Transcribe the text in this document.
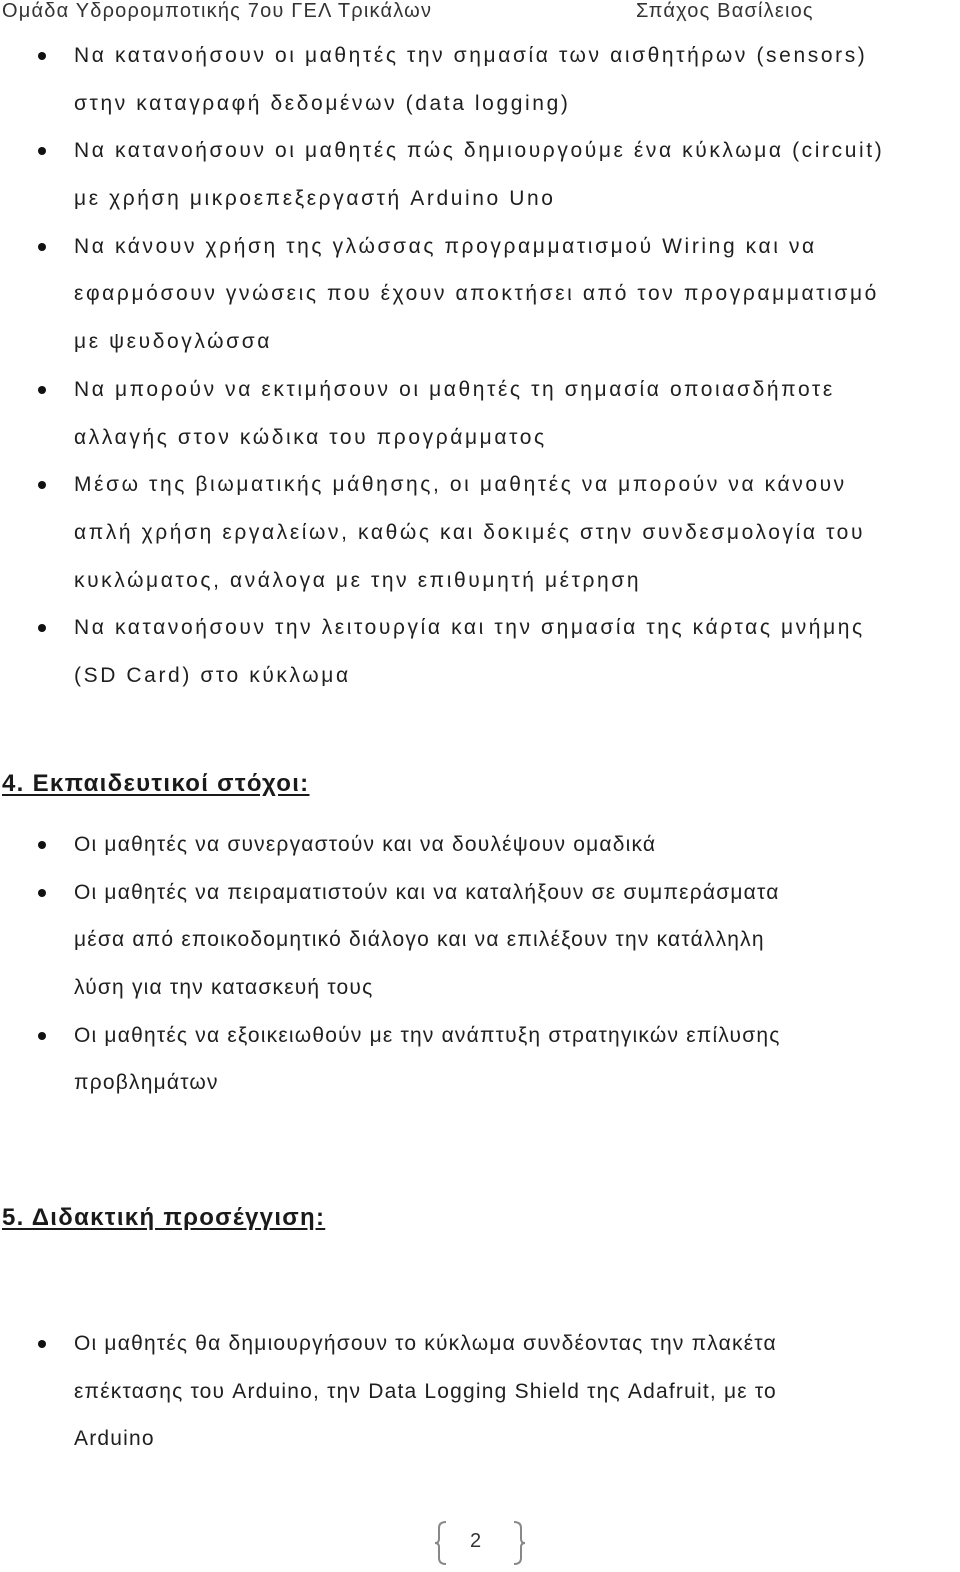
Ομάδα Υδρορομποτικής 7ου ΓΕΛ Τρικάλων	Σπάχος Βασίλειος
Να κατανοήσουν οι μαθητές την σημασία των αισθητήρων (sensors)
στην καταγραφή δεδομένων (data logging)
Να κατανοήσουν οι μαθητές πώς δημιουργούμε ένα κύκλωμα (circuit)
με χρήση μικροεπεξεργαστή Arduino Uno
Να κάνουν χρήση της γλώσσας προγραμματισμού Wiring και να
εφαρμόσουν γνώσεις που έχουν αποκτήσει από τον προγραμματισμό
με ψευδογλώσσα
Να μπορούν να εκτιμήσουν οι μαθητές τη σημασία οποιασδήποτε
αλλαγής στον κώδικα του προγράμματος
Μέσω της βιωματικής μάθησης, οι μαθητές να μπορούν να κάνουν
απλή χρήση εργαλείων, καθώς και δοκιμές στην συνδεσμολογία του
κυκλώματος, ανάλογα με την επιθυμητή μέτρηση
Να κατανοήσουν την λειτουργία και την σημασία της κάρτας μνήμης
(SD Card) στο κύκλωμα
4. Εκπαιδευτικοί στόχοι:
Οι μαθητές να συνεργαστούν και να δουλέψουν ομαδικά
Οι μαθητές να πειραματιστούν και να καταλήξουν σε συμπεράσματα
μέσα από εποικοδομητικό διάλογο και να επιλέξουν την κατάλληλη
λύση για την κατασκευή τους
Οι μαθητές να εξοικειωθούν με την ανάπτυξη στρατηγικών επίλυσης
προβλημάτων
5. Διδακτική προσέγγιση:
Οι μαθητές θα δημιουργήσουν το κύκλωμα συνδέοντας την πλακέτα
επέκτασης του Arduino, την Data Logging Shield της Adafruit, με το
Arduino
2
